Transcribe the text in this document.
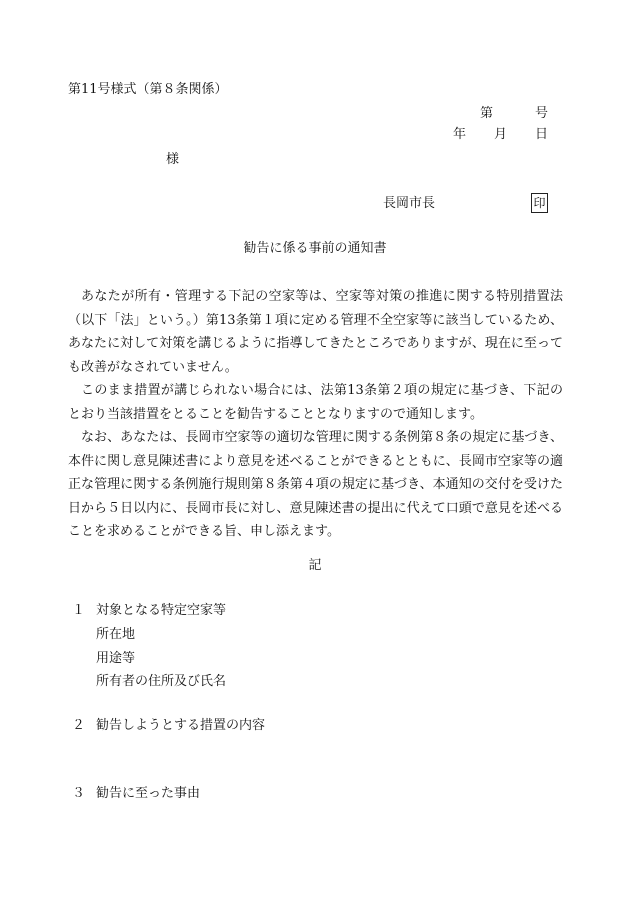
第11号様式（第８条関係）
第	号
年 月 日
様
長岡市長	印
勧告に係る事前の通知書

あなたが所有・管理する下記の空家等は、空家等対策の推進に関する特別措置法（以下「法」という。）第13条第１項に定める管理不全空家等に該当しているため、あなたに対して対策を講じるように指導してきたところでありますが、現在に至っても改善がなされていません。

このまま措置が講じられない場合には、法第13条第２項の規定に基づき、下記のとおり当該措置をとることを勧告することとなりますので通知します。

なお、あなたは、長岡市空家等の適切な管理に関する条例第８条の規定に基づき、本件に関し意見陳述書により意見を述べることができるとともに、長岡市空家等の適正な管理に関する条例施行規則第８条第４項の規定に基づき、本通知の交付を受けた日から５日以内に、長岡市長に対し、意見陳述書の提出に代えて口頭で意見を述べることを求めることができる旨、申し添えます。

記
１ 対象となる特定空家等
所在地
用途等
所有者の住所及び氏名
２ 勧告しようとする措置の内容
３ 勧告に至った事由
